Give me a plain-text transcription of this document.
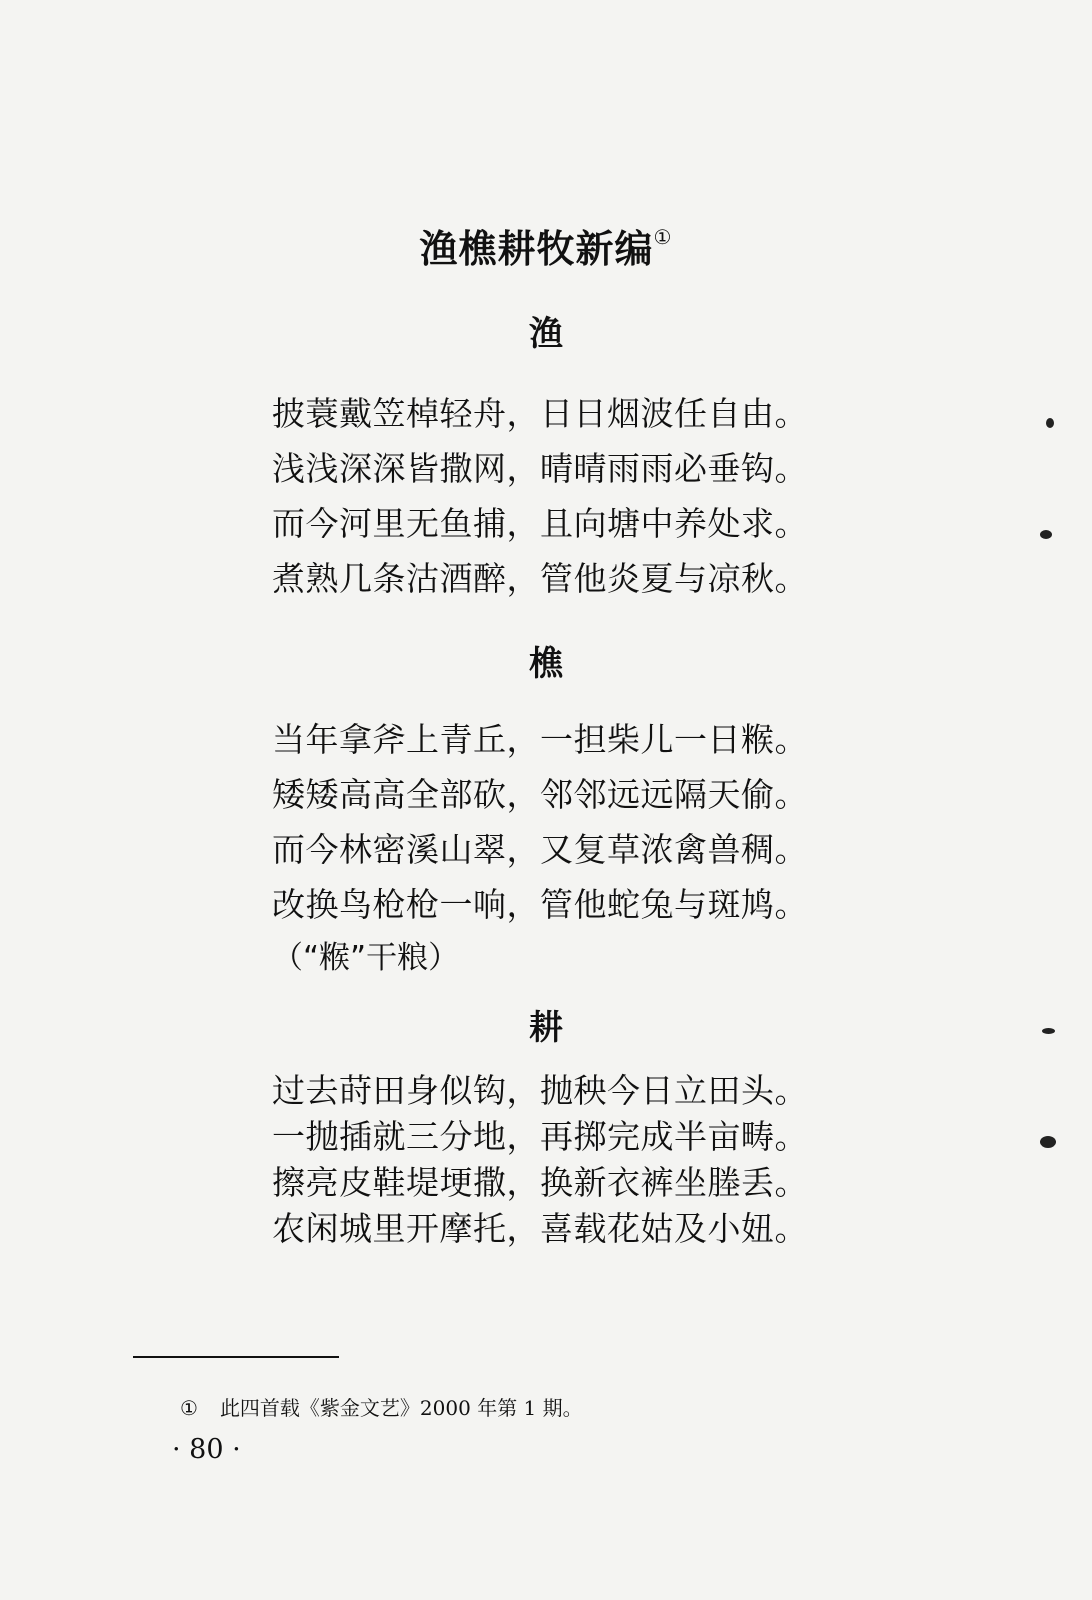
渔樵耕牧新编①
渔
披蓑戴笠棹轻舟，日日烟波任自由。
浅浅深深皆撒网，晴晴雨雨必垂钩。
而今河里无鱼捕，且向塘中养处求。
煮熟几条沽酒醉，管他炎夏与凉秋。
樵
当年拿斧上青丘，一担柴儿一日糇。
矮矮高高全部砍，邻邻远远隔天偷。
而今林密溪山翠，又复草浓禽兽稠。
改换鸟枪枪一响，管他蛇兔与斑鸠。
（“糇”干粮）
耕
过去莳田身似钩，抛秧今日立田头。
一抛插就三分地，再掷完成半亩畴。
擦亮皮鞋堤埂撒，换新衣裤坐塍丢。
农闲城里开摩托，喜载花姑及小妞。
① 此四首载《紫金文艺》2000 年第 1 期。
· 80 ·
